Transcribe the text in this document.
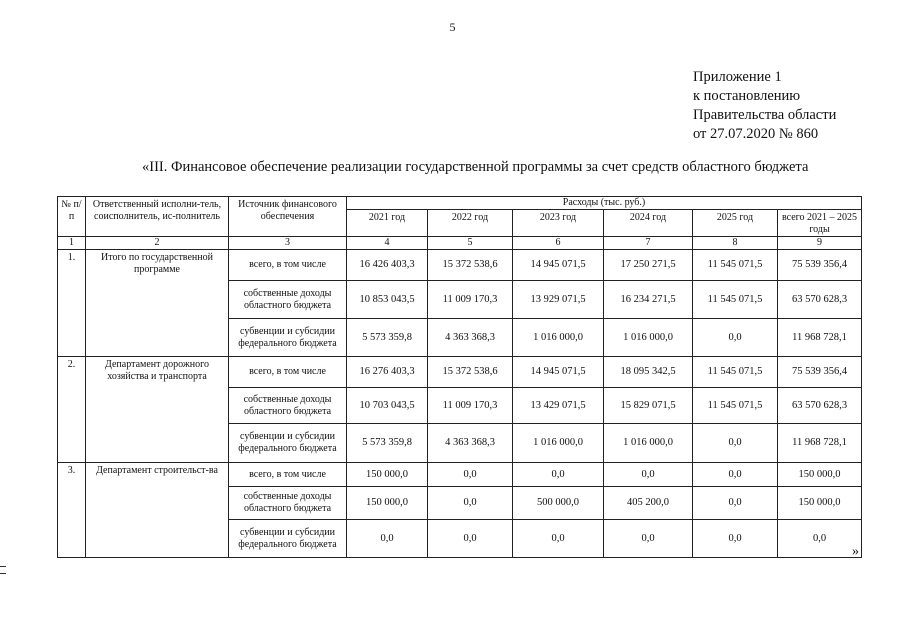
5
Приложение 1
к постановлению
Правительства области
от 27.07.2020 № 860
«III. Финансовое обеспечение реализации государственной программы за счет средств областного бюджета
№ п/п	Ответственный исполни-тель, соисполнитель, ис-полнитель	Источник финансового обеспечения	Расходы (тыс. руб.)					
			2021 год	2022 год	2023 год	2024 год	2025 год	всего 2021 – 2025 годы
1	2	3	4	5	6	7	8	9
1.	Итого по государственной программе	всего, в том числе	16 426 403,3	15 372 538,6	14 945 071,5	17 250 271,5	11 545 071,5	75 539 356,4
		собственные доходы областного бюджета	10 853 043,5	11 009 170,3	13 929 071,5	16 234 271,5	11 545 071,5	63 570 628,3
		субвенции и субсидии федерального бюджета	5 573 359,8	4 363 368,3	1 016 000,0	1 016 000,0	0,0	11 968 728,1
2.	Департамент дорожного хозяйства и транспорта	всего, в том числе	16 276 403,3	15 372 538,6	14 945 071,5	18 095 342,5	11 545 071,5	75 539 356,4
		собственные доходы областного бюджета	10 703 043,5	11 009 170,3	13 429 071,5	15 829 071,5	11 545 071,5	63 570 628,3
		субвенции и субсидии федерального бюджета	5 573 359,8	4 363 368,3	1 016 000,0	1 016 000,0	0,0	11 968 728,1
3.	Департамент строительст-ва	всего, в том числе	150 000,0	0,0	0,0	0,0	0,0	150 000,0
		собственные доходы областного бюджета	150 000,0	0,0	500 000,0	405 200,0	0,0	150 000,0
		субвенции и субсидии федерального бюджета	0,0	0,0	0,0	0,0	0,0	0,0
»
